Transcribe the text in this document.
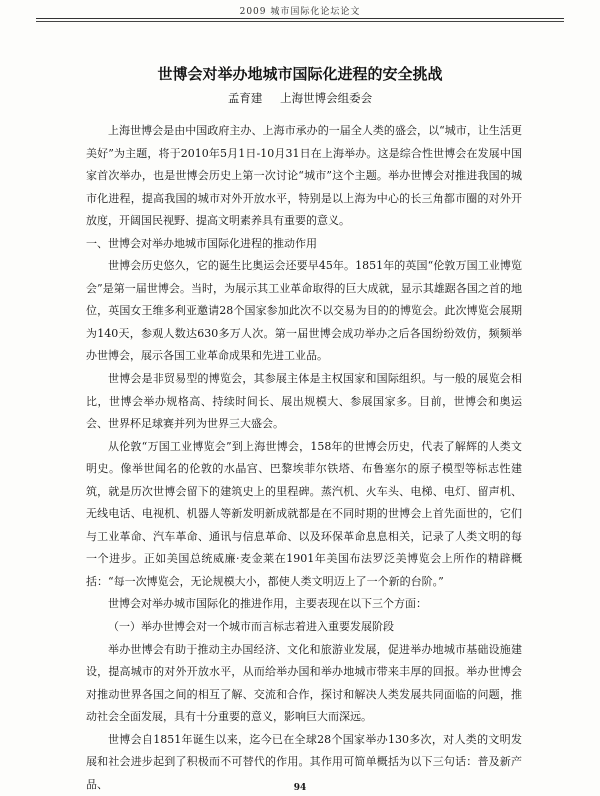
2009 城市国际化论坛论文
世博会对举办地城市国际化进程的安全挑战
孟育建 上海世博会组委会

上海世博会是由中国政府主办、上海市承办的一届全人类的盛会，以“城市，让生活更美好”为主题，将于2010年5月1日-10月31日在上海举办。这是综合性世博会在发展中国家首次举办，也是世博会历史上第一次讨论“城市”这个主题。举办世博会对推进我国的城市化进程，提高我国的城市对外开放水平，特别是以上海为中心的长三角都市圈的对外开放度，开阔国民视野、提高文明素养具有重要的意义。

一、世博会对举办地城市国际化进程的推动作用

世博会历史悠久，它的诞生比奥运会还要早45年。1851年的英国“伦敦万国工业博览会”是第一届世博会。当时，为展示其工业革命取得的巨大成就，显示其雄踞各国之首的地位，英国女王维多利亚邀请28个国家参加此次不以交易为目的的博览会。此次博览会展期为140天，参观人数达630多万人次。第一届世博会成功举办之后各国纷纷效仿，频频举办世博会，展示各国工业革命成果和先进工业品。

世博会是非贸易型的博览会，其参展主体是主权国家和国际组织。与一般的展览会相比，世博会举办规格高、持续时间长、展出规模大、参展国家多。目前，世博会和奥运会、世界杯足球赛并列为世界三大盛会。

从伦敦“万国工业博览会”到上海世博会，158年的世博会历史，代表了解辉的人类文明史。像举世闻名的伦敦的水晶宫、巴黎埃菲尔铁塔、布鲁塞尔的原子模型等标志性建筑，就是历次世博会留下的建筑史上的里程碑。蒸汽机、火车头、电梯、电灯、留声机、无线电话、电视机、机器人等新发明新成就都是在不同时期的世博会上首先面世的，它们与工业革命、汽车革命、通讯与信息革命、以及环保革命息息相关，记录了人类文明的每一个进步。正如美国总统威廉·麦金莱在1901年美国布法罗泛美博览会上所作的精辟概括：“每一次博览会，无论规模大小，都使人类文明迈上了一个新的台阶。”

世博会对举办城市国际化的推进作用，主要表现在以下三个方面：

（一）举办世博会对一个城市而言标志着进入重要发展阶段

举办世博会有助于推动主办国经济、文化和旅游业发展，促进举办地城市基础设施建设，提高城市的对外开放水平，从而给举办国和举办地城市带来丰厚的回报。举办世博会对推动世界各国之间的相互了解、交流和合作，探讨和解决人类发展共同面临的问题，推动社会全面发展，具有十分重要的意义，影响巨大而深远。

世博会自1851年诞生以来，迄今已在全球28个国家举办130多次，对人类的文明发展和社会进步起到了积极而不可替代的作用。其作用可简单概括为以下三句话：普及新产品、	94
